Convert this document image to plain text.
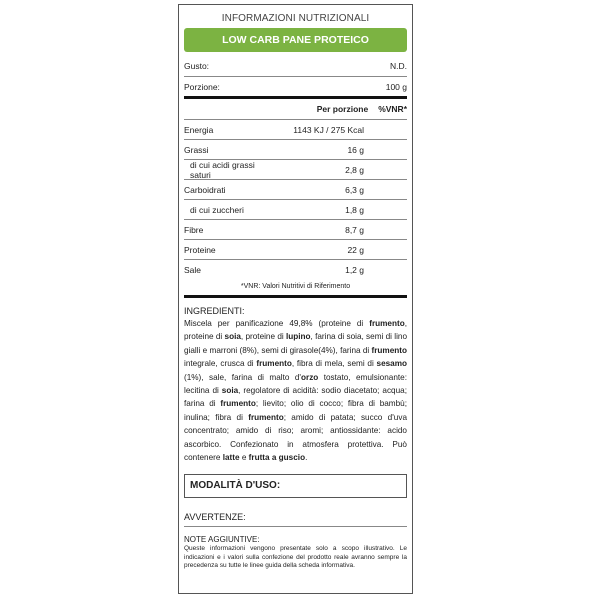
INFORMAZIONI NUTRIZIONALI
LOW CARB PANE PROTEICO
Gusto:	N.D.
Porzione:	100 g
Per porzione %VNR*
Energia	1143 KJ / 275 Kcal
Grassi	16 g
di cui acidi grassi saturi	2,8 g
Carboidrati	6,3 g
di cui zuccheri	1,8 g
Fibre	8,7 g
Proteine	22 g
Sale	1,2 g
*VNR: Valori Nutritivi di Riferimento
INGREDIENTI:
Miscela per panificazione 49,8% (proteine di frumento, proteine di soia, proteine di lupino, farina di soia, semi di lino gialli e marroni (8%), semi di girasole(4%), farina di frumento integrale, crusca di frumento, fibra di mela, semi di sesamo (1%), sale, farina di malto d'orzo tostato, emulsionante: lecitina di soia, regolatore di acidità: sodio diacetato; acqua; farina di frumento; lievito; olio di cocco; fibra di bambù; inulina; fibra di frumento; amido di patata; succo d'uva concentrato; amido di riso; aromi; antiossidante: acido ascorbico. Confezionato in atmosfera protettiva. Può contenere latte e frutta a guscio.
MODALITÀ D'USO:
AVVERTENZE:
NOTE AGGIUNTIVE:
Queste informazioni vengono presentate solo a scopo illustrativo. Le indicazioni e i valori sulla confezione del prodotto reale avranno sempre la precedenza su tutte le linee guida della scheda informativa.
